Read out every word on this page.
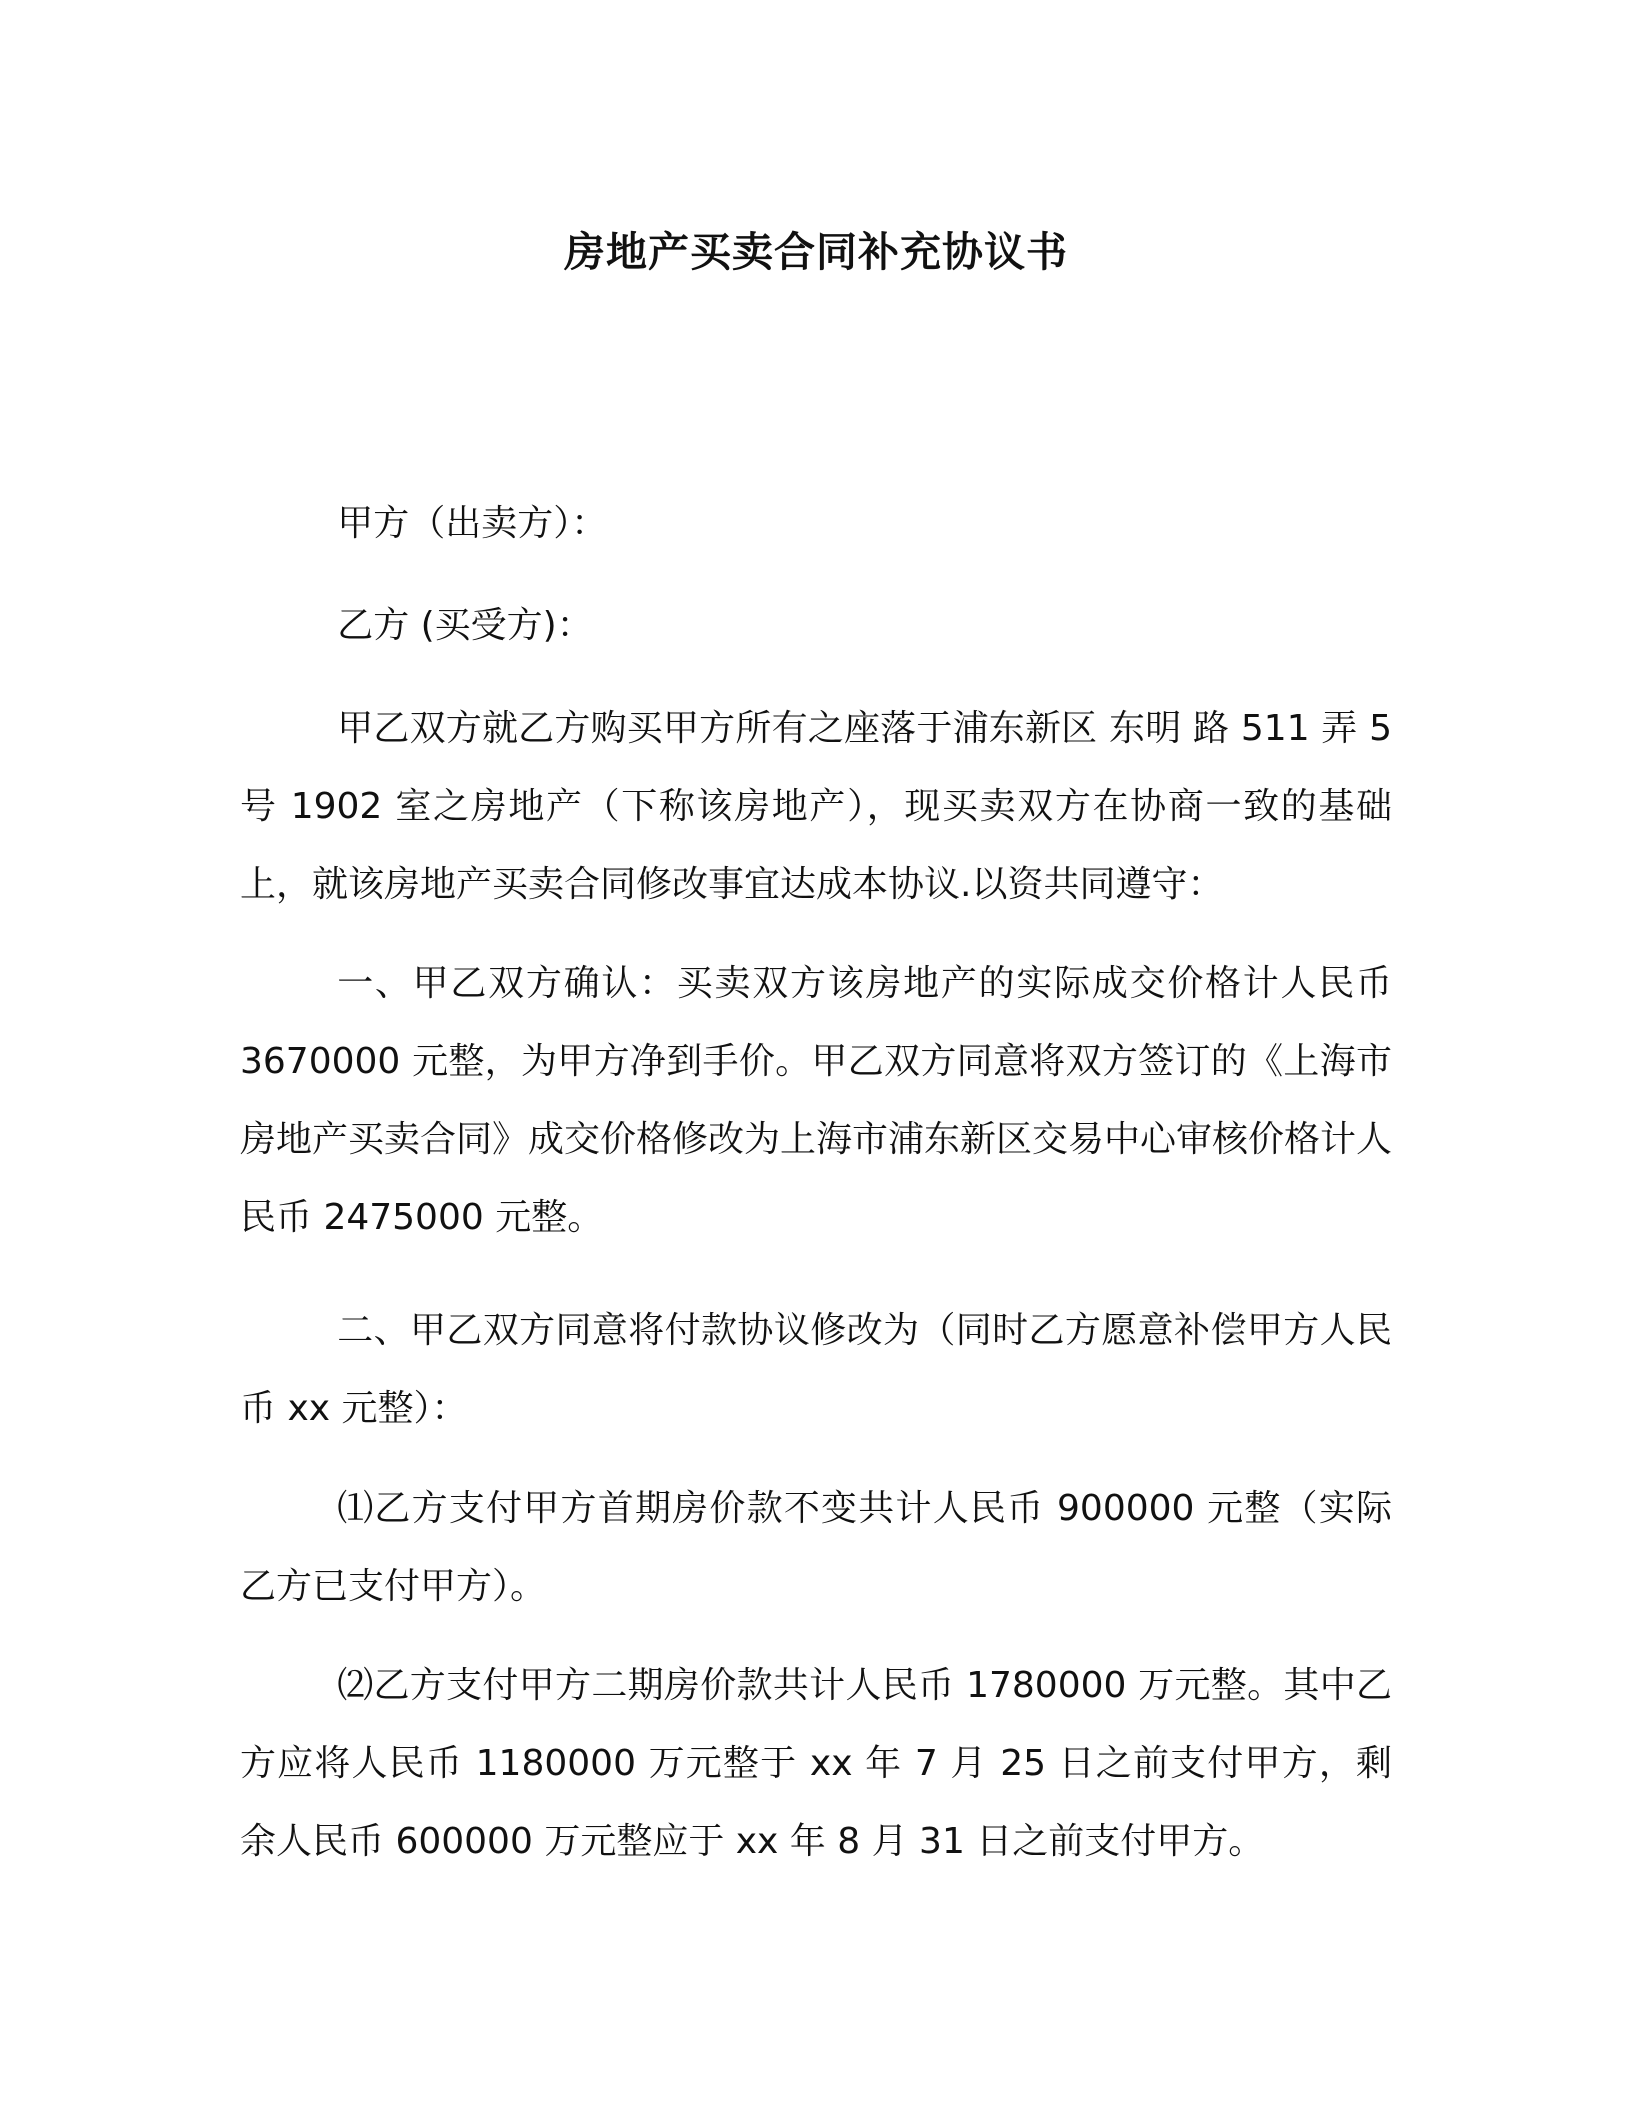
房地产买卖合同补充协议书

甲方（出卖方）：

乙方 (买受方)：

甲乙双方就乙方购买甲方所有之座落于浦东新区 东明 路 511 弄 5 号 1902 室之房地产（下称该房地产），现买卖双方在协商一致的基础上，就该房地产买卖合同修改事宜达成本协议.以资共同遵守：

一、甲乙双方确认：买卖双方该房地产的实际成交价格计人民币 3670000 元整，为甲方净到手价。甲乙双方同意将双方签订的《上海市房地产买卖合同》成交价格修改为上海市浦东新区交易中心审核价格计人民币 2475000 元整。

二、甲乙双方同意将付款协议修改为（同时乙方愿意补偿甲方人民币 xx 元整）：

⑴乙方支付甲方首期房价款不变共计人民币 900000 元整（实际乙方已支付甲方）。

⑵乙方支付甲方二期房价款共计人民币 1780000 万元整。其中乙方应将人民币 1180000 万元整于 xx 年 7 月 25 日之前支付甲方，剩余人民币 600000 万元整应于 xx 年 8 月 31 日之前支付甲方。
